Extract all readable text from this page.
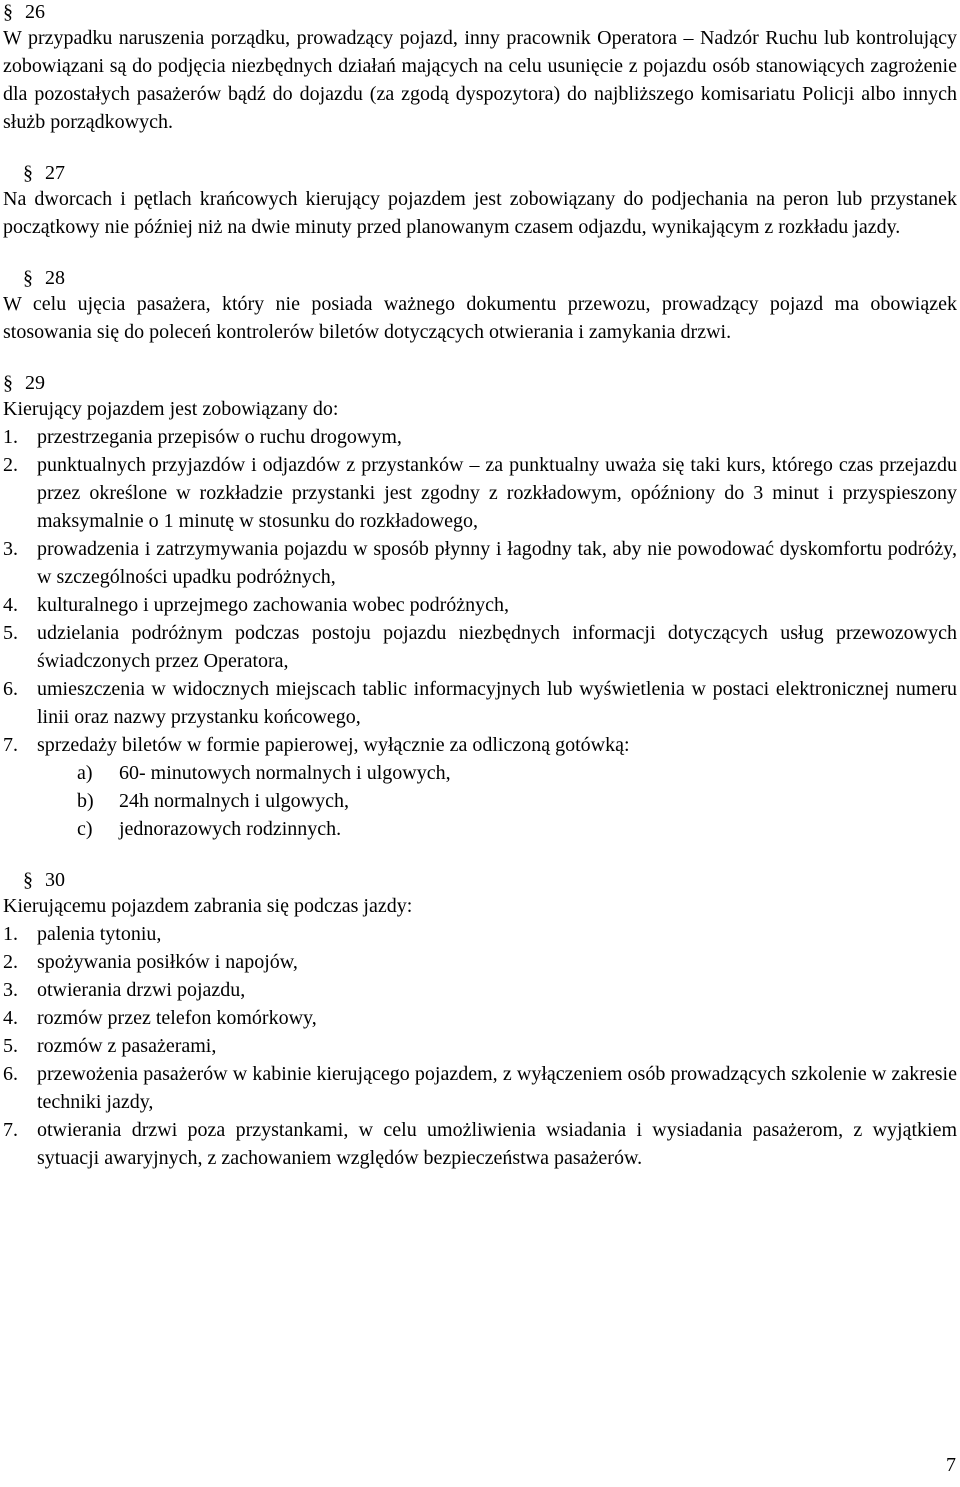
§ 26

W przypadku naruszenia porządku, prowadzący pojazd, inny pracownik Operatora – Nadzór Ruchu lub kontrolujący zobowiązani są do podjęcia niezbędnych działań mających na celu usunięcie z pojazdu osób stanowiących zagrożenie dla pozostałych pasażerów bądź do dojazdu (za zgodą dyspozytora) do najbliższego komisariatu Policji albo innych służb porządkowych.

§ 27

Na dworcach i pętlach krańcowych kierujący pojazdem jest zobowiązany do podjechania na peron lub przystanek początkowy nie później niż na dwie minuty przed planowanym czasem odjazdu, wynikającym z rozkładu jazdy.

§ 28

W celu ujęcia pasażera, który nie posiada ważnego dokumentu przewozu, prowadzący pojazd ma obowiązek stosowania się do poleceń kontrolerów biletów dotyczących otwierania i zamykania drzwi.

§ 29

Kierujący pojazdem jest zobowiązany do:

1. przestrzegania przepisów o ruchu drogowym,
2. punktualnych przyjazdów i odjazdów z przystanków – za punktualny uważa się taki kurs, którego czas przejazdu przez określone w rozkładzie przystanki jest zgodny z rozkładowym, opóźniony do 3 minut i przyspieszony maksymalnie o 1 minutę w stosunku do rozkładowego,
3. prowadzenia i zatrzymywania pojazdu w sposób płynny i łagodny tak, aby nie powodować dyskomfortu podróży, w szczególności upadku podróżnych,
4. kulturalnego i uprzejmego zachowania wobec podróżnych,
5. udzielania podróżnym podczas postoju pojazdu niezbędnych informacji dotyczących usług przewozowych świadczonych przez Operatora,
6. umieszczenia w widocznych miejscach tablic informacyjnych lub wyświetlenia w postaci elektronicznej numeru linii oraz nazwy przystanku końcowego,
7. sprzedaży biletów w formie papierowej, wyłącznie za odliczoną gotówką:
a) 60- minutowych normalnych i ulgowych,
b) 24h normalnych i ulgowych,
c) jednorazowych rodzinnych.

§ 30

Kierującemu pojazdem zabrania się podczas jazdy:

1. palenia tytoniu,
2. spożywania posiłków i napojów,
3. otwierania drzwi pojazdu,
4. rozmów przez telefon komórkowy,
5. rozmów z pasażerami,
6. przewożenia pasażerów w kabinie kierującego pojazdem, z wyłączeniem osób prowadzących szkolenie w zakresie techniki jazdy,
7. otwierania drzwi poza przystankami, w celu umożliwienia wsiadania i wysiadania pasażerom, z wyjątkiem sytuacji awaryjnych, z zachowaniem względów bezpieczeństwa pasażerów.
7
